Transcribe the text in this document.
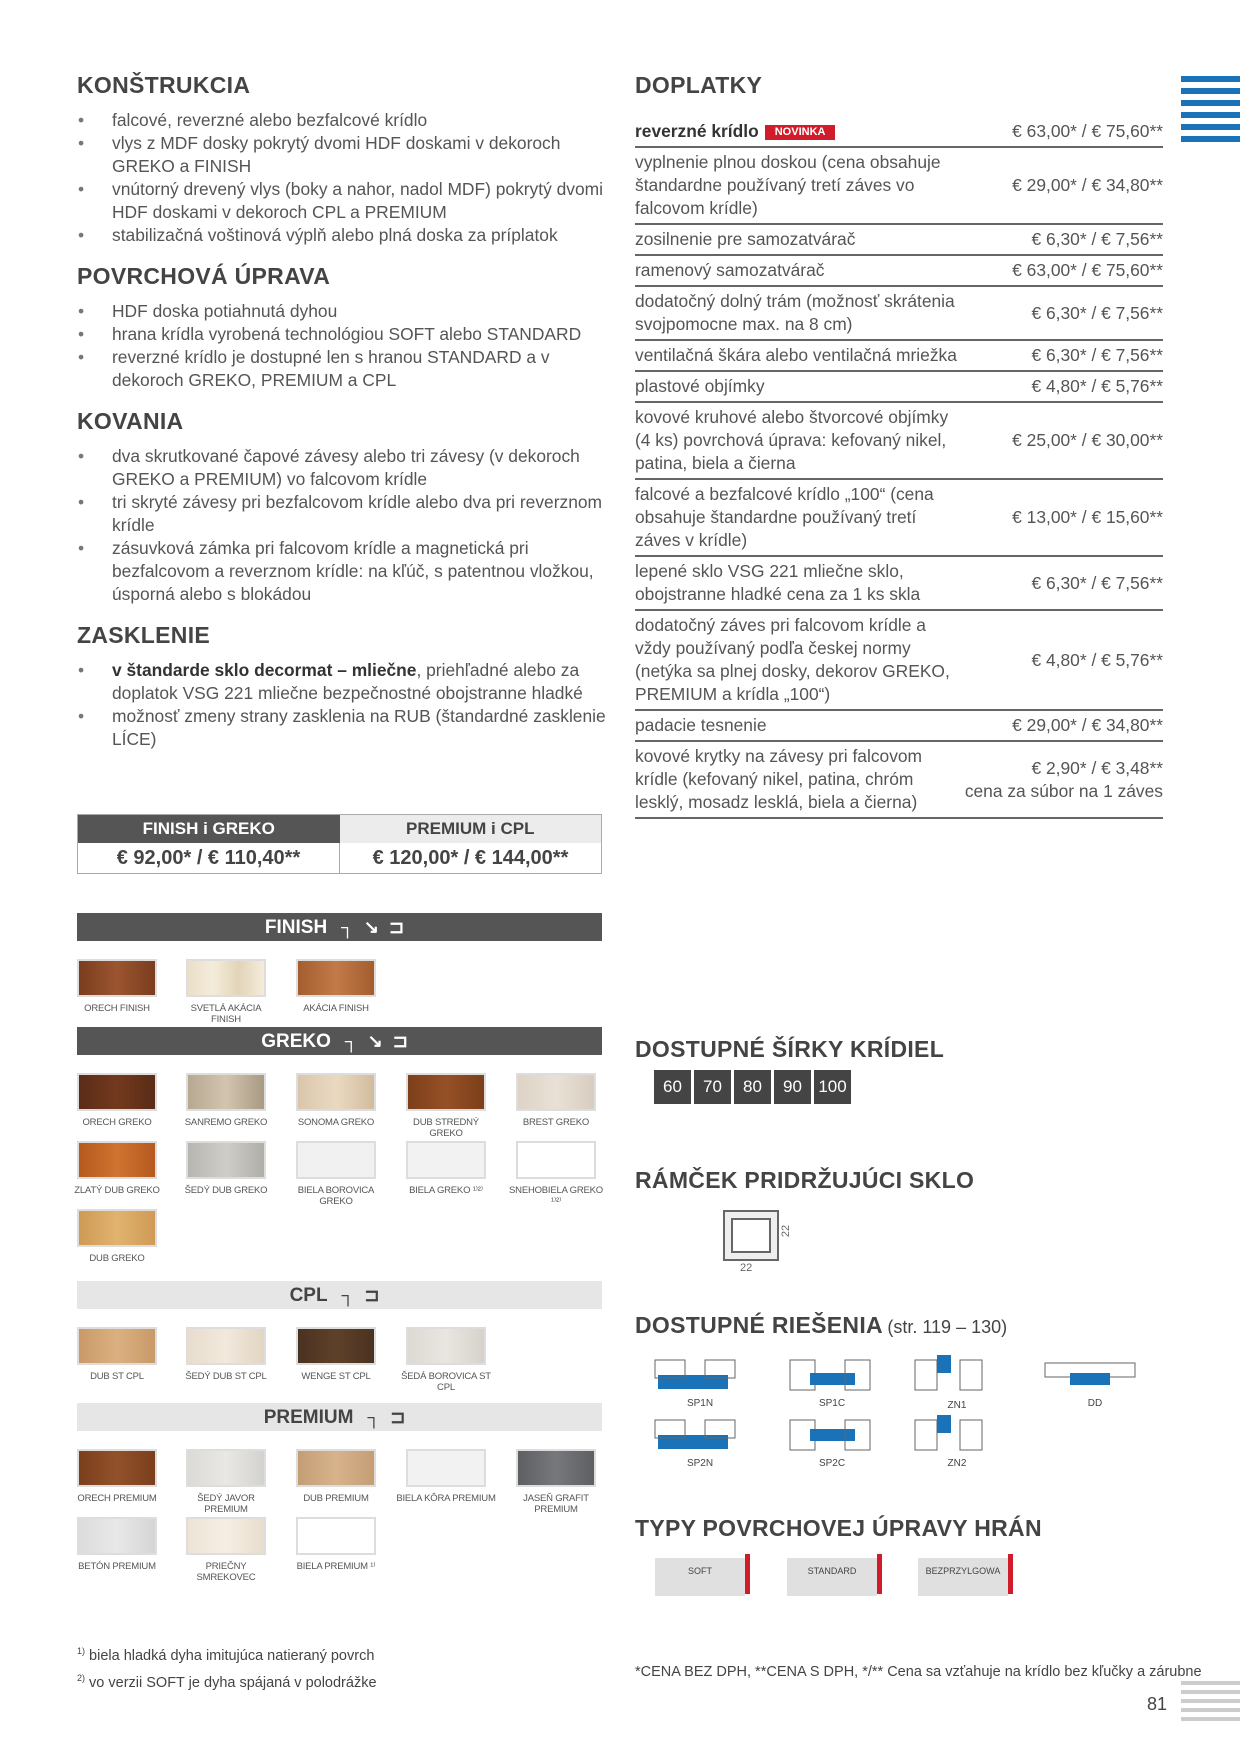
KONŠTRUKCIA
• falcové, reverzné alebo bezfalcové krídlo
• vlys z MDF dosky pokrytý dvomi HDF doskami v dekoroch GREKO a FINISH
• vnútorný drevený vlys (boky a nahor, nadol MDF) pokrytý dvomi HDF doskami v dekoroch CPL a PREMIUM
• stabilizačná voštinová výplň alebo plná doska za príplatok
POVRCHOVÁ ÚPRAVA
• HDF doska potiahnutá dyhou
• hrana krídla vyrobená technológiou SOFT alebo STANDARD
• reverzné krídlo je dostupné len s hranou STANDARD a v dekoroch GREKO, PREMIUM a CPL
KOVANIA
• dva skrutkované čapové závesy alebo tri závesy (v dekoroch GREKO a PREMIUM) vo falcovom krídle
• tri skryté závesy pri bezfalcovom krídle alebo dva pri reverznom krídle
• zásuvková zámka pri falcovom krídle a magnetická pri bezfalcovom a reverznom krídle: na kľúč, s patentnou vložkou, úsporná alebo s blokádou
ZASKLENIE
• v štandarde sklo decormat – mliečne, priehľadné alebo za doplatok VSG 221 mliečne bezpečnostné obojstranne hladké
• možnosť zmeny strany zasklenia na RUB (štandardné zasklenie LÍCE)
FINISH i GREKO	PREMIUM i CPL
€ 92,00* / € 110,40**	€ 120,00* / € 144,00**
FINISH ┐↘⊐
ORECH FINISH	SVETLÁ AKÁCIA FINISH
AKÁCIA FINISH
GREKO ┐↘⊐
ORECH GREKO	SANREMO GREKO	SONOMA GREKO	DUB STREDNÝ GREKO
BREST GREKO
ZLATÝ DUB GREKO	ŠEDÝ DUB GREKO	BIELA BOROVICA GREKO
BIELA GREKO ¹⁾²⁾	SNEHOBIELA GREKO ¹⁾²⁾
DUB GREKO
CPL ┐⊐
DUB ST CPL	ŠEDÝ DUB ST CPL	WENGE ST CPL	ŠEDÁ BOROVICA ST CPL
PREMIUM ┐⊐
ORECH PREMIUM	ŠEDÝ JAVOR PREMIUM
DUB PREMIUM	BIELA KÔRA PREMIUM	JASEŇ GRAFIT PREMIUM
BETÓN PREMIUM	PRIEČNY SMREKOVEC
BIELA PREMIUM ¹⁾
$^{1)}$ biela hladká dyha imitujúca natieraný povrch
$^{2)}$ vo verzii SOFT je dyha spájaná v polodrážke
DOPLATKY
reverzné krídlo NOVINKA	€ 63,00* / € 75,60**
vyplnenie plnou doskou (cena obsahuje štandardne používaný tretí záves vo falcovom krídle)	€ 29,00* / € 34,80**
zosilnenie pre samozatvárač	€ 6,30* / € 7,56**
ramenový samozatvárač	€ 63,00* / € 75,60**
dodatočný dolný trám (možnosť skrátenia svojpomocne max. na 8 cm)	€ 6,30* / € 7,56**
ventilačná škára alebo ventilačná mriežka	€ 6,30* / € 7,56**
plastové objímky	€ 4,80* / € 5,76**
kovové kruhové alebo štvorcové objímky (4 ks) povrchová úprava: kefovaný nikel, patina, biela a čierna	€ 25,00* / € 30,00**
falcové a bezfalcové krídlo „100“ (cena obsahuje štandardne používaný tretí záves v krídle)	€ 13,00* / € 15,60**
lepené sklo VSG 221 mliečne sklo, obojstranne hladké cena za 1 ks skla	€ 6,30* / € 7,56**
dodatočný záves pri falcovom krídle a vždy používaný podľa českej normy (netýka sa plnej dosky, dekorov GREKO, PREMIUM a krídla „100“)	€ 4,80* / € 5,76**
padacie tesnenie	€ 29,00* / € 34,80**
kovové krytky na závesy pri falcovom krídle (kefovaný nikel, patina, chróm lesklý, mosadz lesklá, biela a čierna)	€ 2,90* / € 3,48**
cena za súbor na 1 záves
DOSTUPNÉ ŠÍRKY KRÍDIEL
60	70	80	90 100
RÁMČEK PRIDRŽUJÚCI SKLO
22
22
DOSTUPNÉ RIEŠENIA (str. 119 – 130)
SP1N	SP1C	ZN1	DD
SP2N	SP2C	ZN2
TYPY POVRCHOVEJ ÚPRAVY HRÁN
SOFT	STANDARD	BEZPRZYLGOWA
*CENA BEZ DPH, **CENA S DPH, */** Cena sa vzťahuje na krídlo bez kľučky a zárubne
81
